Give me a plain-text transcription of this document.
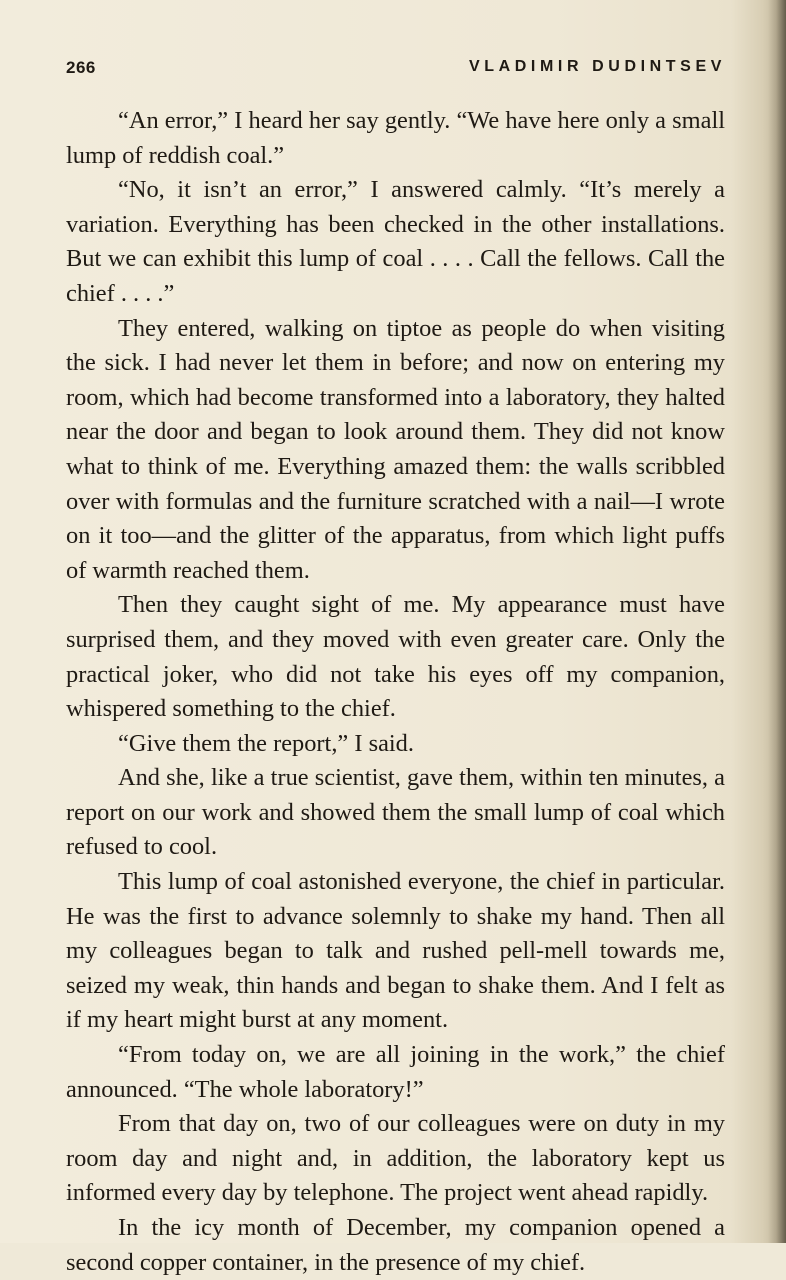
266	VLADIMIR DUDINTSEV

“An error,” I heard her say gently. “We have here only a small lump of reddish coal.”

“No, it isn’t an error,” I answered calmly. “It’s merely a variation. Everything has been checked in the other installations. But we can exhibit this lump of coal . . . . Call the fellows. Call the chief . . . .”

They entered, walking on tiptoe as people do when visiting the sick. I had never let them in before; and now on entering my room, which had become transformed into a laboratory, they halted near the door and began to look around them. They did not know what to think of me. Everything amazed them: the walls scribbled over with formulas and the furniture scratched with a nail—I wrote on it too—and the glitter of the apparatus, from which light puffs of warmth reached them.

Then they caught sight of me. My appearance must have surprised them, and they moved with even greater care. Only the practical joker, who did not take his eyes off my companion, whispered something to the chief.

“Give them the report,” I said.

And she, like a true scientist, gave them, within ten minutes, a report on our work and showed them the small lump of coal which refused to cool.

This lump of coal astonished everyone, the chief in particular. He was the first to advance solemnly to shake my hand. Then all my colleagues began to talk and rushed pell-mell towards me, seized my weak, thin hands and began to shake them. And I felt as if my heart might burst at any moment.

“From today on, we are all joining in the work,” the chief announced. “The whole laboratory!”

From that day on, two of our colleagues were on duty in my room day and night and, in addition, the laboratory kept us informed every day by telephone. The project went ahead rapidly.

In the icy month of December, my companion opened a second copper container, in the presence of my chief.
